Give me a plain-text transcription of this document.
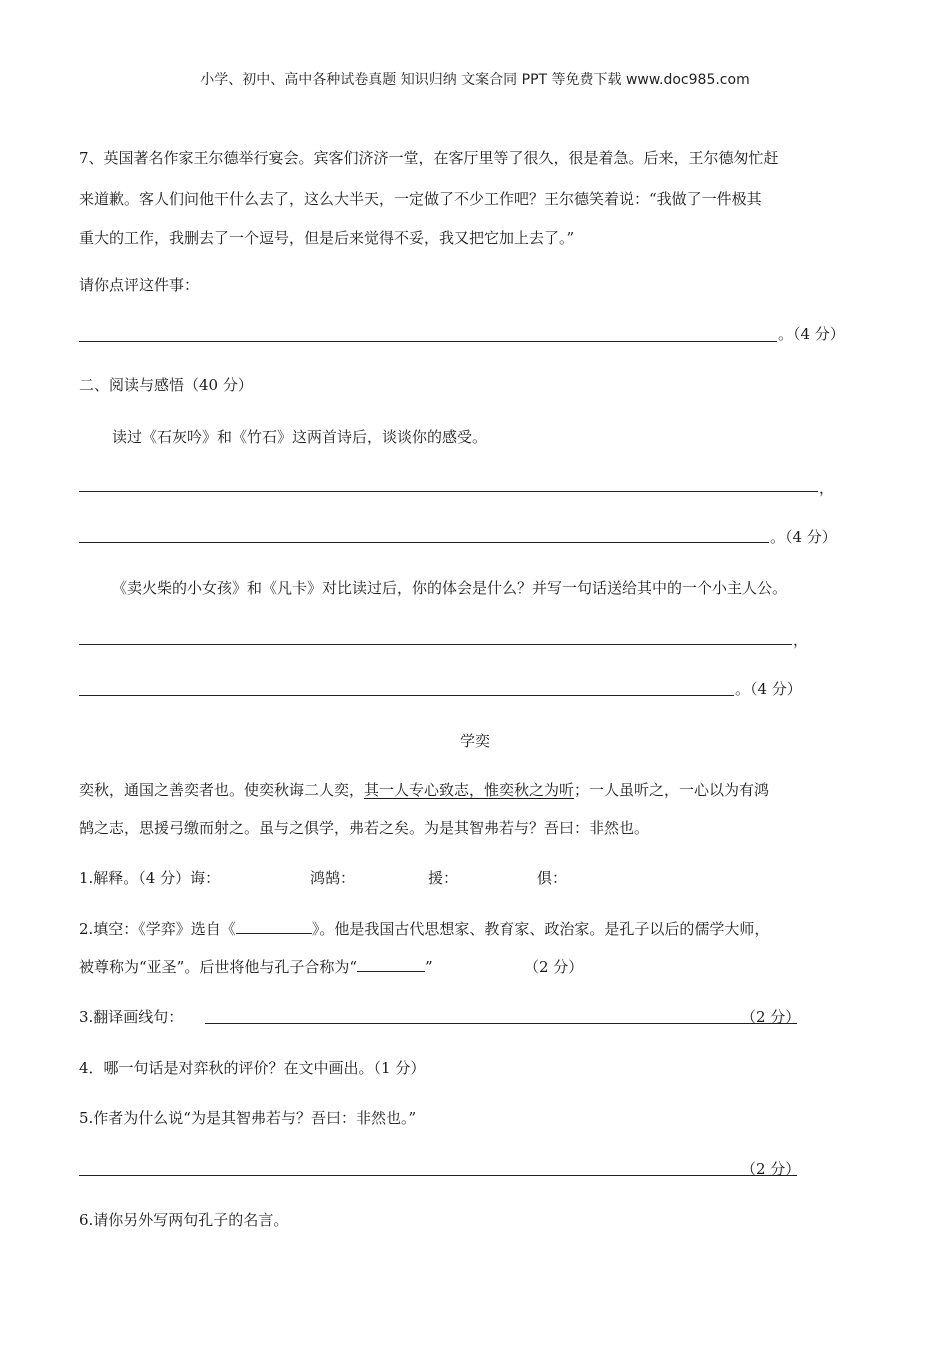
小学、初中、高中各种试卷真题 知识归纳 文案合同 PPT 等免费下载 www.doc985.com
7、英国著名作家王尔德举行宴会。宾客们济济一堂，在客厅里等了很久，很是着急。后来，王尔德匆忙赶
来道歉。客人们问他干什么去了，这么大半天，一定做了不少工作吧？王尔德笑着说：“我做了一件极其
重大的工作，我删去了一个逗号，但是后来觉得不妥，我又把它加上去了。”
请你点评这件事：
。（4 分）
二、阅读与感悟（40 分）
读过《石灰吟》和《竹石》这两首诗后，谈谈你的感受。
，
。（4 分）
《卖火柴的小女孩》和《凡卡》对比读过后，你的体会是什么？并写一句话送给其中的一个小主人公。
，
。（4 分）
学奕
奕秋，通国之善奕者也。使奕秋诲二人奕，其一人专心致志，惟奕秋之为听；一人虽听之，一心以为有鸿
鹄之志，思援弓缴而射之。虽与之俱学，弗若之矣。为是其智弗若与？吾曰：非然也。
1.解释。（4 分）诲：	鸿鹄：	援：	俱：
2.填空：《学弈》选自《	》。他是我国古代思想家、教育家、政治家。是孔子以后的儒学大师，
被尊称为“亚圣”。后世将他与孔子合称为“	”	（2 分）
3.翻译画线句：	（2 分）
4．哪一句话是对弈秋的评价？在文中画出。（1 分）
5.作者为什么说“为是其智弗若与？吾曰：非然也。”
（2 分）
6.请你另外写两句孔子的名言。
